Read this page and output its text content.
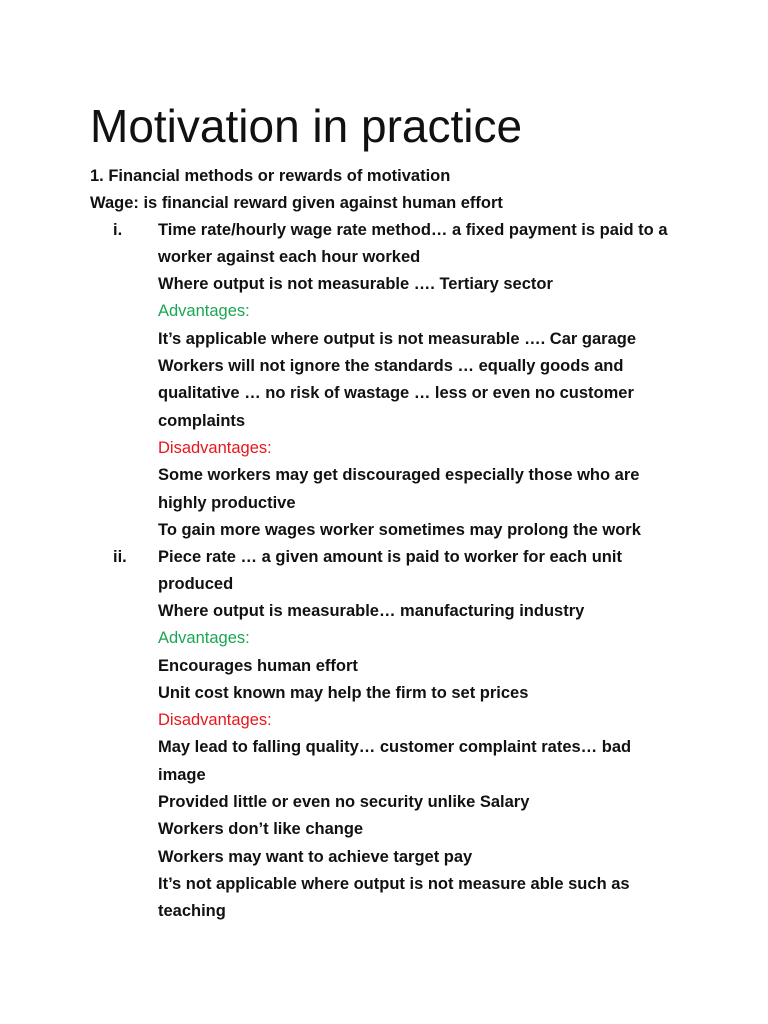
Motivation in practice
1. Financial methods or rewards of motivation
Wage: is financial reward given against human effort
i. Time rate/hourly wage rate method… a fixed payment is paid to a
worker against each hour worked
Where output is not measurable …. Tertiary sector
Advantages:
It’s applicable where output is not measurable …. Car garage
Workers will not ignore the standards … equally goods and
qualitative … no risk of wastage … less or even no customer
complaints
Disadvantages:
Some workers may get discouraged especially those who are
highly productive
To gain more wages worker sometimes may prolong the work
ii. Piece rate … a given amount is paid to worker for each unit
produced
Where output is measurable… manufacturing industry
Advantages:
Encourages human effort
Unit cost known may help the firm to set prices
Disadvantages:
May lead to falling quality… customer complaint rates… bad
image
Provided little or even no security unlike Salary
Workers don’t like change
Workers may want to achieve target pay
It’s not applicable where output is not measure able such as
teaching
